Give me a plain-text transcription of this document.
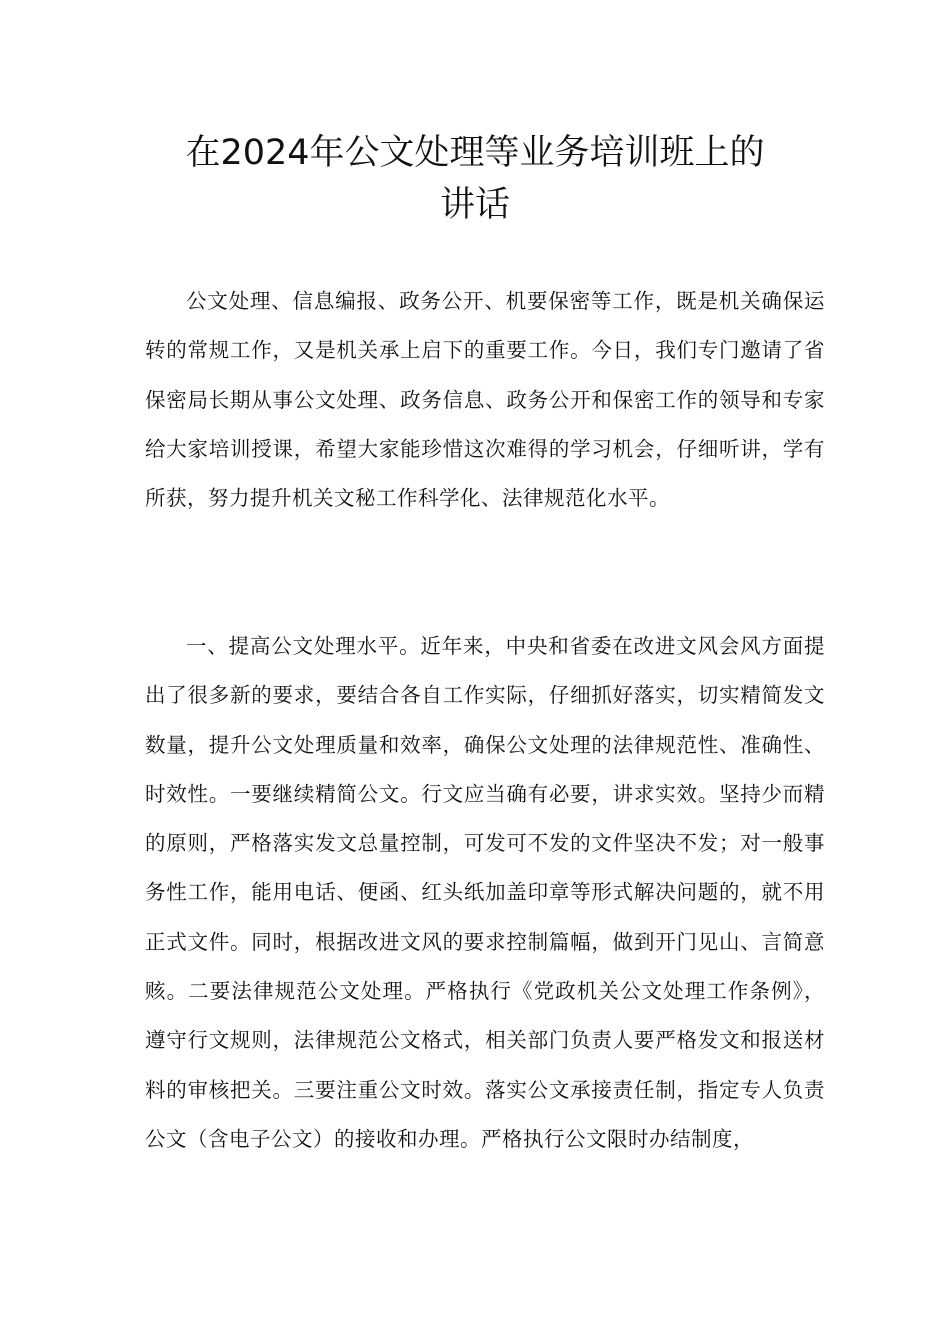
在2024年公文处理等业务培训班上的
讲话

公文处理、信息编报、政务公开、机要保密等工作，既是机关确保运转的常规工作，又是机关承上启下的重要工作。今日，我们专门邀请了省保密局长期从事公文处理、政务信息、政务公开和保密工作的领导和专家给大家培训授课，希望大家能珍惜这次难得的学习机会，仔细听讲，学有所获，努力提升机关文秘工作科学化、法律规范化水平。

一、提高公文处理水平。近年来，中央和省委在改进文风会风方面提出了很多新的要求，要结合各自工作实际，仔细抓好落实，切实精简发文数量，提升公文处理质量和效率，确保公文处理的法律规范性、准确性、时效性。一要继续精简公文。行文应当确有必要，讲求实效。坚持少而精的原则，严格落实发文总量控制，可发可不发的文件坚决不发；对一般事务性工作，能用电话、便函、红头纸加盖印章等形式解决问题的，就不用正式文件。同时，根据改进文风的要求控制篇幅，做到开门见山、言简意赅。二要法律规范公文处理。严格执行《党政机关公文处理工作条例》，遵守行文规则，法律规范公文格式，相关部门负责人要严格发文和报送材料的审核把关。三要注重公文时效。落实公文承接责任制，指定专人负责公文（含电子公文）的接收和办理。严格执行公文限时办结制度，
